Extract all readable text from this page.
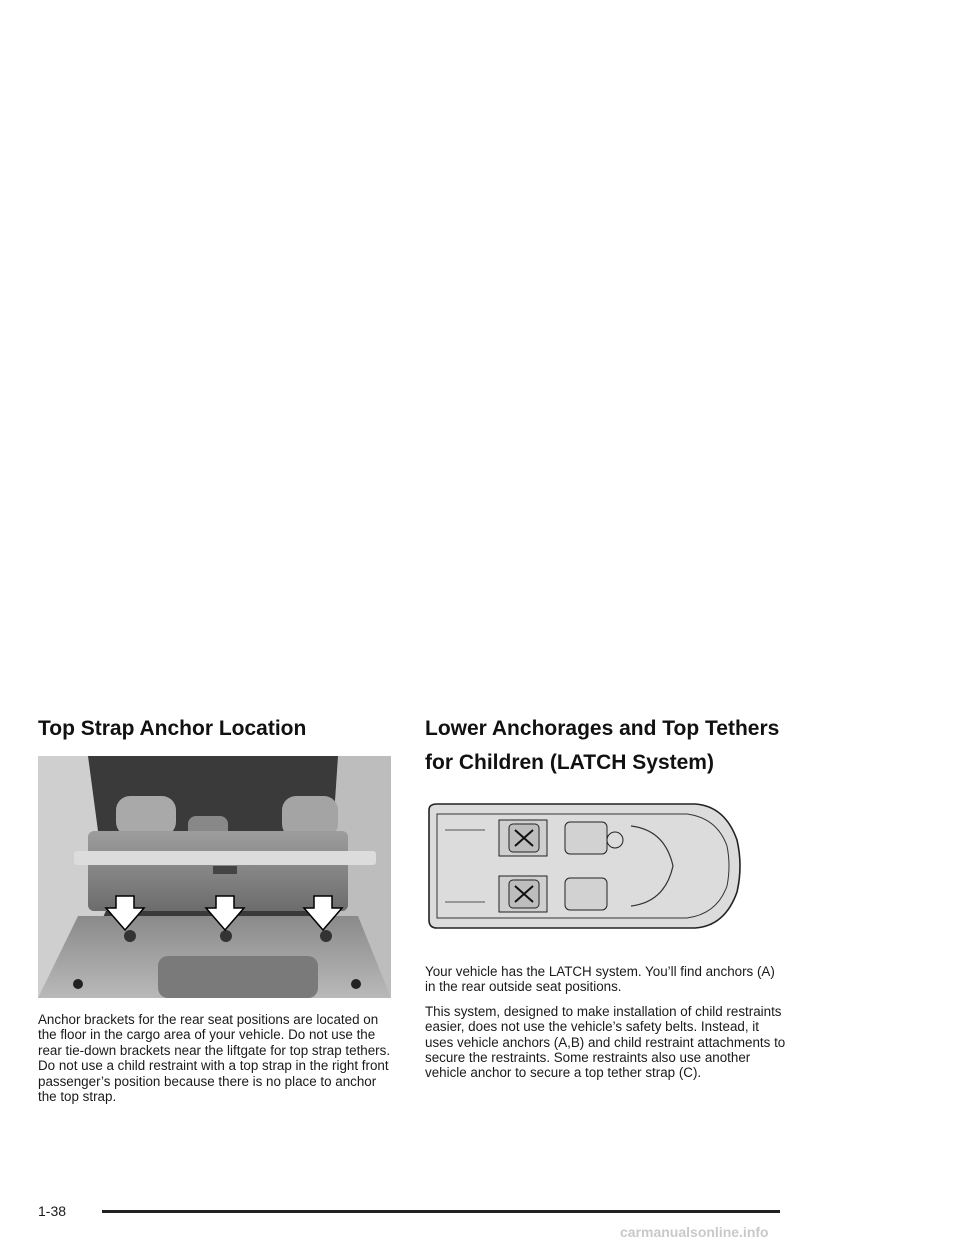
Top Strap Anchor Location

Anchor brackets for the rear seat positions are located on the floor in the cargo area of your vehicle. Do not use the rear tie-down brackets near the liftgate for top strap tethers. Do not use a child restraint with a top strap in the right front passenger’s position because there is no place to anchor the top strap.

Lower Anchorages and Top Tethers
for Children (LATCH System)

Your vehicle has the LATCH system. You’ll find anchors (A) in the rear outside seat positions.

This system, designed to make installation of child restraints easier, does not use the vehicle’s safety belts. Instead, it uses vehicle anchors (A,B) and child restraint attachments to secure the restraints. Some restraints also use another vehicle anchor to secure a top tether strap (C).

1-38
carmanualsonline.info
